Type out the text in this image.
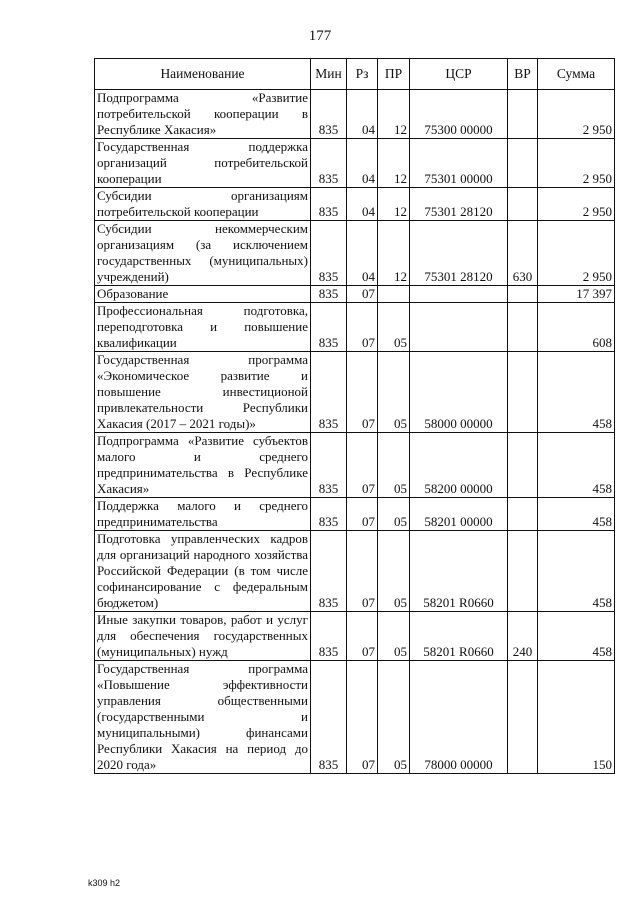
177
Наименование	Мин	Рз	ПР	ЦСР	ВР	Сумма
Подпрограмма «Развитие потребительской кооперации в Республике Хакасия»	835	04	12	75300 00000		2 950
Государственная поддержка организаций потребительской кооперации	835	04	12	75301 00000		2 950
Субсидии организациям потребительской кооперации	835	04	12	75301 28120		2 950
Субсидии некоммерческим организациям (за исключением государственных (муниципальных) учреждений)	835	04	12	75301 28120	630	2 950
Образование	835	07				17 397
Профессиональная подготовка, переподготовка и повышение квалификации	835	07	05			608
Государственная программа «Экономическое развитие и повышение инвестиционой привлекательности Республики Хакасия (2017 – 2021 годы)»	835	07	05	58000 00000		458
Подпрограмма «Развитие субъектов малого и среднего предпринимательства в Республике Хакасия»	835	07	05	58200 00000		458
Поддержка малого и среднего предпринимательства	835	07	05	58201 00000		458
Подготовка управленческих кадров для организаций народного хозяйства Российской Федерации (в том числе софинансирование с федеральным бюджетом)	835	07	05	58201 R0660		458
Иные закупки товаров, работ и услуг для обеспечения государственных (муниципальных) нужд	835	07	05	58201 R0660	240	458
Государственная программа «Повышение эффективности управления общественными (государственными и муниципальными) финансами Республики Хакасия на период до 2020 года»	835	07	05	78000 00000		150
k309 h2
